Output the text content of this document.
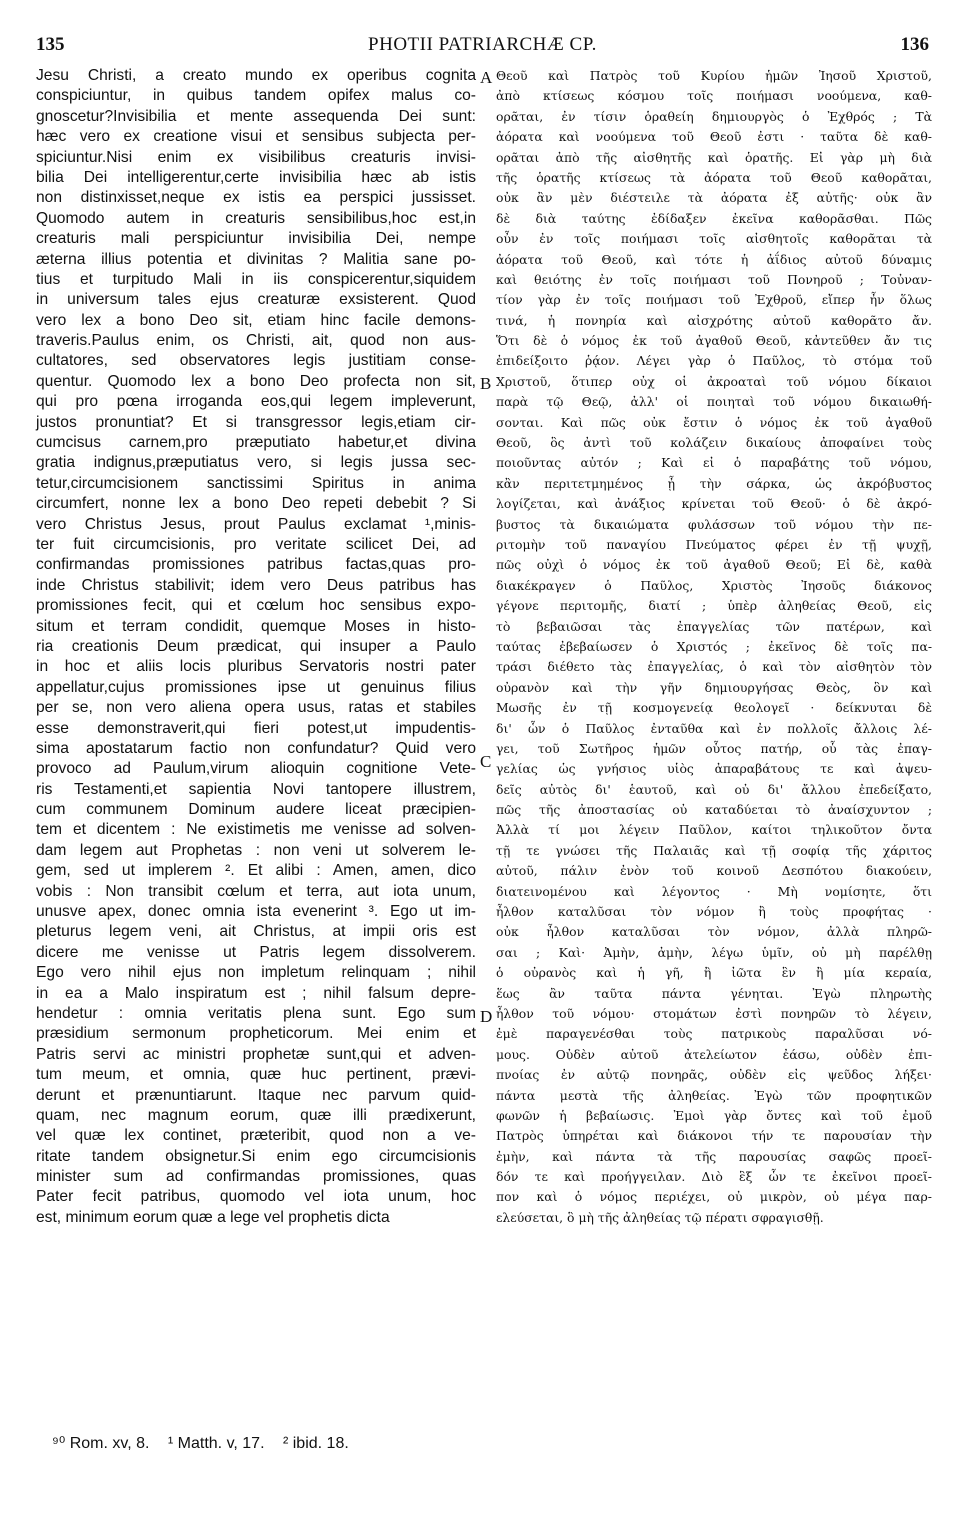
135	PHOTII PATRIARCHÆ CP.	136
Jesu Christi, a creato mundo ex operibus cognita
conspiciuntur, in quibus tandem opifex malus co-
gnoscetur?Invisibilia et mente assequenda Dei sunt:
hæc vero ex creatione visui et sensibus subjecta per-
spiciuntur.Nisi enim ex visibilibus creaturis invisi-
bilia Dei intelligerentur,certe invisibilia hæc ab istis
non distinxisset,neque ex istis ea perspici jussisset.
Quomodo autem in creaturis sensibilibus,hoc est,in
creaturis mali perspiciuntur invisibilia Dei, nempe
æterna illius potentia et divinitas ? Malitia sane po-
tius et turpitudo Mali in iis conspicerentur,siquidem
in universum tales ejus creaturæ exsisterent. Quod
vero lex a bono Deo sit, etiam hinc facile demons-
traveris.Paulus enim, os Christi, ait, quod non aus-
cultatores, sed observatores legis justitiam conse-
quentur. Quomodo lex a bono Deo profecta non sit,
qui pro pœna irroganda eos,qui legem impleverunt,
justos pronuntiat? Et si transgressor legis,etiam cir-
cumcisus carnem,pro præputiato habetur,et divina
gratia indignus,præputiatus vero, si legis jussa sec-
tetur,circumcisionem sanctissimi Spiritus in anima
circumfert, nonne lex a bono Deo repeti debebit ? Si
vero Christus Jesus, prout Paulus exclamat ¹,minis-
ter fuit circumcisionis, pro veritate scilicet Dei, ad
confirmandas promissiones patribus factas,quas pro-
inde Christus stabilivit; idem vero Deus patribus has
promissiones fecit, qui et cœlum hoc sensibus expo-
situm et terram condidit, quemque Moses in histo-
ria creationis Deum prædicat, qui insuper a Paulo
in hoc et aliis locis pluribus Servatoris nostri pater
appellatur,cujus promissiones ipse ut genuinus filius
per se, non vero aliena opera usus, ratas et stabiles
esse demonstraverit,qui fieri potest,ut impudentis-
sima apostatarum factio non confundatur? Quid vero
provoco ad Paulum,virum alioquin cognitione Vete-
ris Testamenti,et sapientia Novi tantopere illustrem,
cum communem Dominum audere liceat præcipien-
tem et dicentem : Ne existimetis me venisse ad solven-
dam legem aut Prophetas : non veni ut solverem le-
gem, sed ut implerem ². Et alibi : Amen, amen, dico
vobis : Non transibit cœlum et terra, aut iota unum,
unusve apex, donec omnia ista evenerint ³. Ego ut im-
pleturus legem veni, ait Christus, at impii oris est
dicere me venisse ut Patris legem dissolverem.
Ego vero nihil ejus non impletum relinquam ; nihil
in ea a Malo inspiratum est ; nihil falsum depre-
hendetur : omnia veritatis plena sunt. Ego sum
præsidium sermonum propheticorum. Mei enim et
Patris servi ac ministri prophetæ sunt,qui et adven-
tum meum, et omnia, quæ huc pertinent, prævi-
derunt et prænuntiarunt. Itaque nec parvum quid-
quam, nec magnum eorum, quæ illi prædixerunt,
vel quæ lex continet, præteribit, quod non a ve-
ritate tandem obsignetur.Si enim ego circumcisionis
minister sum ad confirmandas promissiones, quas
Pater fecit patribus, quomodo vel iota unum, hoc
est, minimum eorum quæ a lege vel prophetis dicta
Θεοῦ καὶ Πατρὸς τοῦ Κυρίου ἡμῶν Ἰησοῦ Χριστοῦ,
ἀπὸ κτίσεως κόσμου τοῖς ποιήμασι νοούμενα, καθ-
ορᾶται, ἐν τίσιν ὁραθείη δημιουργὸς ὁ Ἐχθρός ; Τὰ
ἀόρατα καὶ νοούμενα τοῦ Θεοῦ ἐστι · ταῦτα δὲ καθ-
ορᾶται ἀπὸ τῆς αἰσθητῆς καὶ ὁρατῆς. Εἰ γὰρ μὴ διὰ
τῆς ὁρατῆς κτίσεως τὰ ἀόρατα τοῦ Θεοῦ καθορᾶται,
οὐκ ἂν μὲν διέστειλε τὰ ἀόρατα ἐξ αὐτῆς· οὐκ ἂν
δὲ διὰ ταύτης ἐδίδαξεν ἐκεῖνα καθορᾶσθαι. Πῶς
οὖν ἐν τοῖς ποιήμασι τοῖς αἰσθητοῖς καθορᾶται τὰ
ἀόρατα τοῦ Θεοῦ, καὶ τότε ἡ ἀΐδιος αὐτοῦ δύναμις
καὶ θειότης ἐν τοῖς ποιήμασι τοῦ Πονηροῦ ; Τοὐναν-
τίον γὰρ ἐν τοῖς ποιήμασι τοῦ Ἐχθροῦ, εἴπερ ἦν ὅλως
τινά, ἡ πονηρία καὶ αἰσχρότης αὐτοῦ καθορᾶτο ἄν.
Ὅτι δὲ ὁ νόμος ἐκ τοῦ ἀγαθοῦ Θεοῦ, κἀντεῦθεν ἄν τις
ἐπιδείξοιτο ῥᾴον. Λέγει γὰρ ὁ Παῦλος, τὸ στόμα τοῦ
Χριστοῦ, ὅτιπερ οὐχ οἱ ἀκροαταὶ τοῦ νόμου δίκαιοι
παρὰ τῷ Θεῷ, ἀλλ' οἱ ποιηταὶ τοῦ νόμου δικαιωθή-
σονται. Καὶ πῶς οὐκ ἔστιν ὁ νόμος ἐκ τοῦ ἀγαθοῦ
Θεοῦ, ὃς ἀντὶ τοῦ κολάζειν δικαίους ἀποφαίνει τοὺς
ποιοῦντας αὐτόν ; Καὶ εἰ ὁ παραβάτης τοῦ νόμου,
κἂν περιτετμημένος ᾖ τὴν σάρκα, ὡς ἀκρόβυστος
λογίζεται, καὶ ἀνάξιος κρίνεται τοῦ Θεοῦ· ὁ δὲ ἀκρό-
βυστος τὰ δικαιώματα φυλάσσων τοῦ νόμου τὴν πε-
ριτομὴν τοῦ παναγίου Πνεύματος φέρει ἐν τῇ ψυχῇ,
πῶς οὐχὶ ὁ νόμος ἐκ τοῦ ἀγαθοῦ Θεοῦ; Εἰ δὲ, καθὰ
διακέκραγεν ὁ Παῦλος, Χριστὸς Ἰησοῦς διάκονος
γέγονε περιτομῆς, διατί ; ὑπὲρ ἀληθείας Θεοῦ, εἰς
τὸ βεβαιῶσαι τὰς ἐπαγγελίας τῶν πατέρων, καὶ
ταύτας ἐβεβαίωσεν ὁ Χριστός ; ἐκεῖνος δὲ τοῖς πα-
τράσι διέθετο τὰς ἐπαγγελίας, ὁ καὶ τὸν αἰσθητὸν τὸν
οὐρανὸν καὶ τὴν γῆν δημιουργήσας Θεὸς, ὃν καὶ
Μωσῆς ἐν τῇ κοσμογενείᾳ θεολογεῖ · δείκνυται δὲ
δι' ὧν ὁ Παῦλος ἐνταῦθα καὶ ἐν πολλοῖς ἄλλοις λέ-
γει, τοῦ Σωτῆρος ἡμῶν οὗτος πατήρ, οὗ τὰς ἐπαγ-
γελίας ὡς γνήσιος υἱὸς ἀπαραβάτους τε καὶ ἀψευ-
δεῖς αὐτὸς δι' ἑαυτοῦ, καὶ οὐ δι' ἄλλου ἐπεδείξατο,
πῶς τῆς ἀποστασίας οὐ καταδύεται τὸ ἀναίσχυντον ;
Ἀλλὰ τί μοι λέγειν Παῦλον, καίτοι τηλικοῦτον ὄντα
τῇ τε γνώσει τῆς Παλαιᾶς καὶ τῇ σοφίᾳ τῆς χάριτος
αὐτοῦ, πάλιν ἐνὸν τοῦ κοινοῦ Δεσπότου διακούειν,
διατεινομένου καὶ λέγοντος · Μὴ νομίσητε, ὅτι
ἦλθον καταλῦσαι τὸν νόμον ἢ τοὺς προφήτας ·
οὐκ ἦλθον καταλῦσαι τὸν νόμον, ἀλλὰ πληρῶ-
σαι ; Καὶ· Ἀμὴν, ἀμὴν, λέγω ὑμῖν, οὐ μὴ παρέλθῃ
ὁ οὐρανὸς καὶ ἡ γῆ, ἢ ἰῶτα ἓν ἢ μία κεραία,
ἕως ἂν ταῦτα πάντα γένηται. Ἐγὼ πληρωτὴς
ἦλθον τοῦ νόμου· στομάτων ἐστὶ πονηρῶν τὸ λέγειν,
ἐμὲ παραγενέσθαι τοὺς πατρικοὺς παραλῦσαι νό-
μους. Οὐδὲν αὐτοῦ ἀτελείωτον ἐάσω, οὐδὲν ἐπι-
πνοίας ἐν αὐτῷ πονηρᾶς, οὐδὲν εἰς ψεῦδος λήξει·
πάντα μεστὰ τῆς ἀληθείας. Ἐγὼ τῶν προφητικῶν
φωνῶν ἡ βεβαίωσις. Ἐμοὶ γὰρ ὄντες καὶ τοῦ ἐμοῦ
Πατρὸς ὑπηρέται καὶ διάκονοι τήν τε παρουσίαν τὴν
ἐμὴν, καὶ πάντα τὰ τῆς παρουσίας σαφῶς προεῖ-
δόν τε καὶ προήγγειλαν. Διὸ ἓξ ὧν τε ἐκεῖνοι προεῖ-
πον καὶ ὁ νόμος περιέχει, οὐ μικρὸν, οὐ μέγα παρ-
ελεύσεται, ὃ μὴ τῆς ἀληθείας τῷ πέρατι σφραγισθῇ.
A
B
C
D
⁹⁰ Rom. xv, 8. ¹ Matth. v, 17. ² ibid. 18.
